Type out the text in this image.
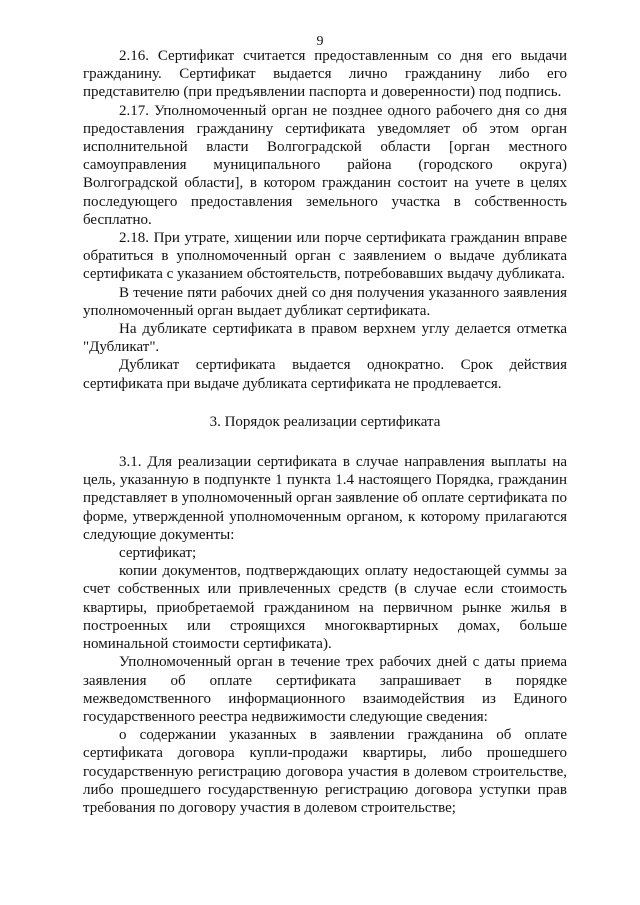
9

2.16. Сертификат считается предоставленным со дня его выдачи гражданину. Сертификат выдается лично гражданину либо его представителю (при предъявлении паспорта и доверенности) под подпись.

2.17. Уполномоченный орган не позднее одного рабочего дня со дня предоставления гражданину сертификата уведомляет об этом орган исполнительной власти Волгоградской области [орган местного самоуправления муниципального района (городского округа) Волгоградской области], в котором гражданин состоит на учете в целях последующего предоставления земельного участка в собственность бесплатно.

2.18. При утрате, хищении или порче сертификата гражданин вправе обратиться в уполномоченный орган с заявлением о выдаче дубликата сертификата с указанием обстоятельств, потребовавших выдачу дубликата.

В течение пяти рабочих дней со дня получения указанного заявления уполномоченный орган выдает дубликат сертификата.

На дубликате сертификата в правом верхнем углу делается отметка "Дубликат".

Дубликат сертификата выдается однократно. Срок действия сертификата при выдаче дубликата сертификата не продлевается.

3. Порядок реализации сертификата

3.1. Для реализации сертификата в случае направления выплаты на цель, указанную в подпункте 1 пункта 1.4 настоящего Порядка, гражданин представляет в уполномоченный орган заявление об оплате сертификата по форме, утвержденной уполномоченным органом, к которому прилагаются следующие документы:

сертификат;

копии документов, подтверждающих оплату недостающей суммы за счет собственных или привлеченных средств (в случае если стоимость квартиры, приобретаемой гражданином на первичном рынке жилья в построенных или строящихся многоквартирных домах, больше номинальной стоимости сертификата).

Уполномоченный орган в течение трех рабочих дней с даты приема заявления об оплате сертификата запрашивает в порядке межведомственного информационного взаимодействия из Единого государственного реестра недвижимости следующие сведения:

о содержании указанных в заявлении гражданина об оплате сертификата договора купли-продажи квартиры, либо прошедшего государственную регистрацию договора участия в долевом строительстве, либо прошедшего государственную регистрацию договора уступки прав требования по договору участия в долевом строительстве;
